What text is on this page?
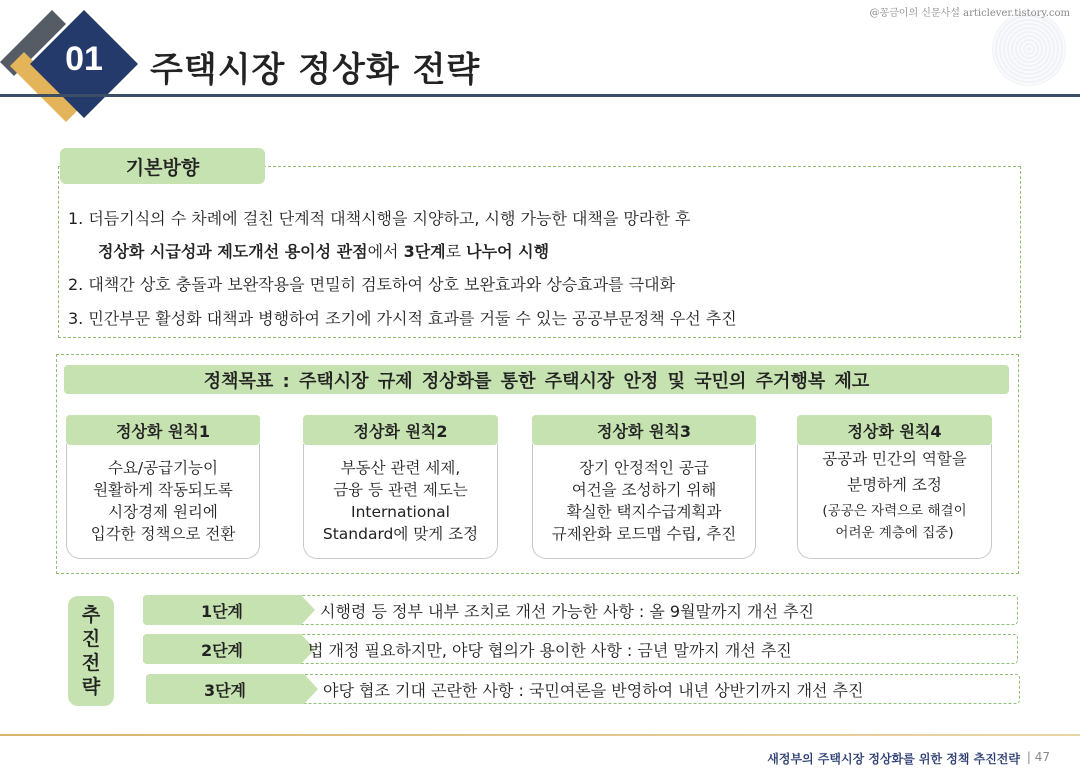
@꽁금이의 신문사설 articlever.tistory.com
01 주택시장 정상화 전략
기본방향
1. 더듬기식의 수 차례에 걸친 단계적 대책시행을 지양하고, 시행 가능한 대책을 망라한 후
정상화 시급성과 제도개선 용이성 관점에서 3단계로 나누어 시행
2. 대책간 상호 충돌과 보완작용을 면밀히 검토하여 상호 보완효과와 상승효과를 극대화
3. 민간부문 활성화 대책과 병행하여 조기에 가시적 효과를 거둘 수 있는 공공부문정책 우선 추진
정책목표 : 주택시장 규제 정상화를 통한 주택시장 안정 및 국민의 주거행복 제고
정상화 원칙1
수요/공급기능이
원활하게 작동되도록
시장경제 원리에
입각한 정책으로 전환
정상화 원칙2
부동산 관련 세제,
금융 등 관련 제도는
International
Standard에 맞게 조정
정상화 원칙3
장기 안정적인 공급
여건을 조성하기 위해
확실한 택지수급계획과
규제완화 로드맵 수립, 추진
정상화 원칙4
공공과 민간의 역할을
분명하게 조정
(공공은 자력으로 해결이
어려운 계층에 집중)
추
진
전
략
1단계	시행령 등 정부 내부 조치로 개선 가능한 사항 : 올 9월말까지 개선 추진
2단계	법 개정 필요하지만, 야당 협의가 용이한 사항 : 금년 말까지 개선 추진
3단계	야당 협조 기대 곤란한 사항 : 국민여론을 반영하여 내년 상반기까지 개선 추진
새정부의 주택시장 정상화를 위한 정책 추진전략 | 47
